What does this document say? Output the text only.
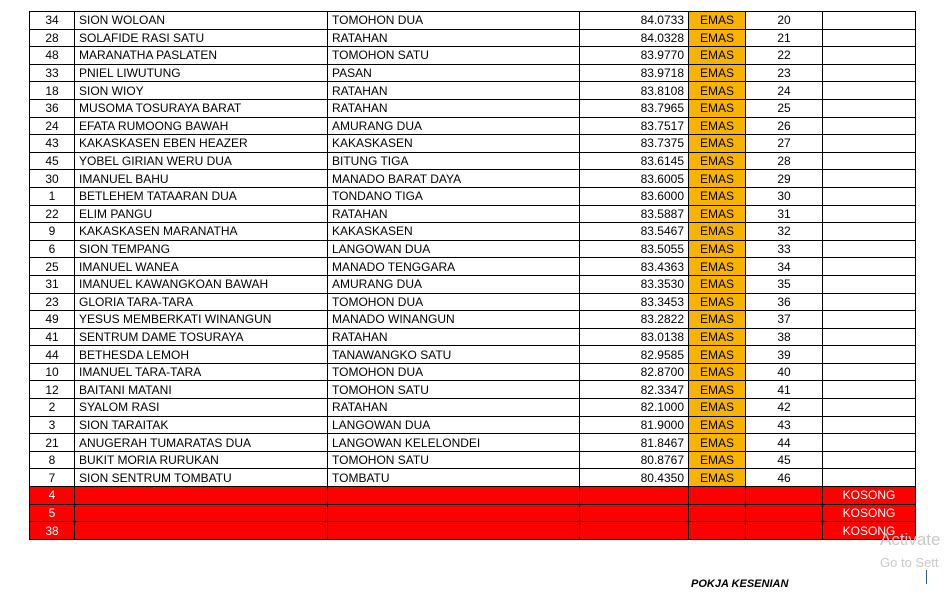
34	SION WOLOAN	TOMOHON DUA	84.0733	EMAS	20	
28	SOLAFIDE RASI SATU	RATAHAN	84.0328	EMAS	21	
48	MARANATHA PASLATEN	TOMOHON SATU	83.9770	EMAS	22	
33	PNIEL LIWUTUNG	PASAN	83.9718	EMAS	23	
18	SION WIOY	RATAHAN	83.8108	EMAS	24	
36	MUSOMA TOSURAYA BARAT	RATAHAN	83.7965	EMAS	25	
24	EFATA RUMOONG BAWAH	AMURANG DUA	83.7517	EMAS	26	
43	KAKASKASEN EBEN HEAZER	KAKASKASEN	83.7375	EMAS	27	
45	YOBEL GIRIAN WERU DUA	BITUNG TIGA	83.6145	EMAS	28	
30	IMANUEL BAHU	MANADO BARAT DAYA	83.6005	EMAS	29	
1	BETLEHEM TATAARAN DUA	TONDANO TIGA	83.6000	EMAS	30	
22	ELIM PANGU	RATAHAN	83.5887	EMAS	31	
9	KAKASKASEN MARANATHA	KAKASKASEN	83.5467	EMAS	32	
6	SION TEMPANG	LANGOWAN DUA	83.5055	EMAS	33	
25	IMANUEL WANEA	MANADO TENGGARA	83.4363	EMAS	34	
31	IMANUEL KAWANGKOAN BAWAH	AMURANG DUA	83.3530	EMAS	35	
23	GLORIA TARA-TARA	TOMOHON DUA	83.3453	EMAS	36	
49	YESUS MEMBERKATI WINANGUN	MANADO WINANGUN	83.2822	EMAS	37	
41	SENTRUM DAME TOSURAYA	RATAHAN	83.0138	EMAS	38	
44	BETHESDA LEMOH	TANAWANGKO SATU	82.9585	EMAS	39	
10	IMANUEL TARA-TARA	TOMOHON DUA	82.8700	EMAS	40	
12	BAITANI MATANI	TOMOHON SATU	82.3347	EMAS	41	
2	SYALOM RASI	RATAHAN	82.1000	EMAS	42	
3	SION TARAITAK	LANGOWAN DUA	81.9000	EMAS	43	
21	ANUGERAH TUMARATAS DUA	LANGOWAN KELELONDEI	81.8467	EMAS	44	
8	BUKIT MORIA RURUKAN	TOMOHON SATU	80.8767	EMAS	45	
7	SION SENTRUM TOMBATU	TOMBATU	80.4350	EMAS	46	
4						KOSONG
5						KOSONG
38						KOSONG
Activate
Go to Sett
POKJA KESENIAN
